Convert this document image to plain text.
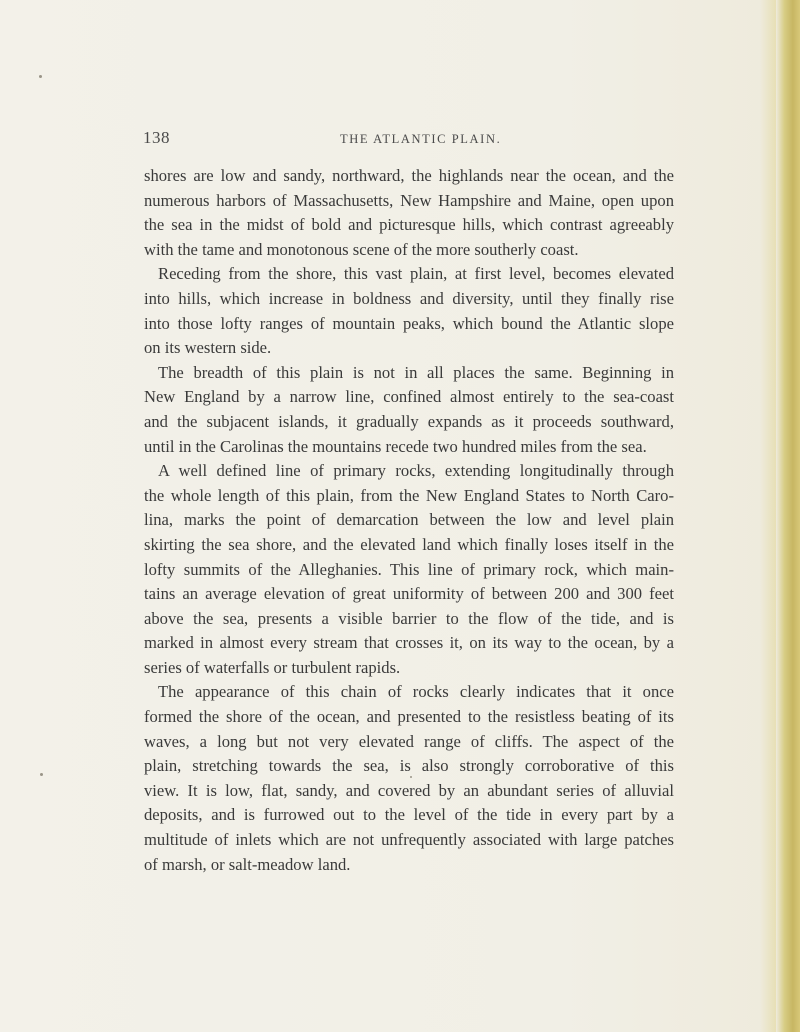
138	THE ATLANTIC PLAIN.
shores are low and sandy, northward, the highlands near the ocean, and the
numerous harbors of Massachusetts, New Hampshire and Maine, open upon
the sea in the midst of bold and picturesque hills, which contrast agreeably
with the tame and monotonous scene of the more southerly coast.
Receding from the shore, this vast plain, at first level, becomes elevated
into hills, which increase in boldness and diversity, until they finally rise
into those lofty ranges of mountain peaks, which bound the Atlantic slope
on its western side.
The breadth of this plain is not in all places the same. Beginning in
New England by a narrow line, confined almost entirely to the sea-coast
and the subjacent islands, it gradually expands as it proceeds southward,
until in the Carolinas the mountains recede two hundred miles from the sea.
A well defined line of primary rocks, extending longitudinally through
the whole length of this plain, from the New England States to North Caro-
lina, marks the point of demarcation between the low and level plain
skirting the sea shore, and the elevated land which finally loses itself in the
lofty summits of the Alleghanies. This line of primary rock, which main-
tains an average elevation of great uniformity of between 200 and 300 feet
above the sea, presents a visible barrier to the flow of the tide, and is
marked in almost every stream that crosses it, on its way to the ocean, by a
series of waterfalls or turbulent rapids.
The appearance of this chain of rocks clearly indicates that it once
formed the shore of the ocean, and presented to the resistless beating of its
waves, a long but not very elevated range of cliffs. The aspect of the
plain, stretching towards the sea, is also strongly corroborative of this
view. It is low, flat, sandy, and covered by an abundant series of alluvial
deposits, and is furrowed out to the level of the tide in every part by a
multitude of inlets which are not unfrequently associated with large patches
of marsh, or salt-meadow land.
